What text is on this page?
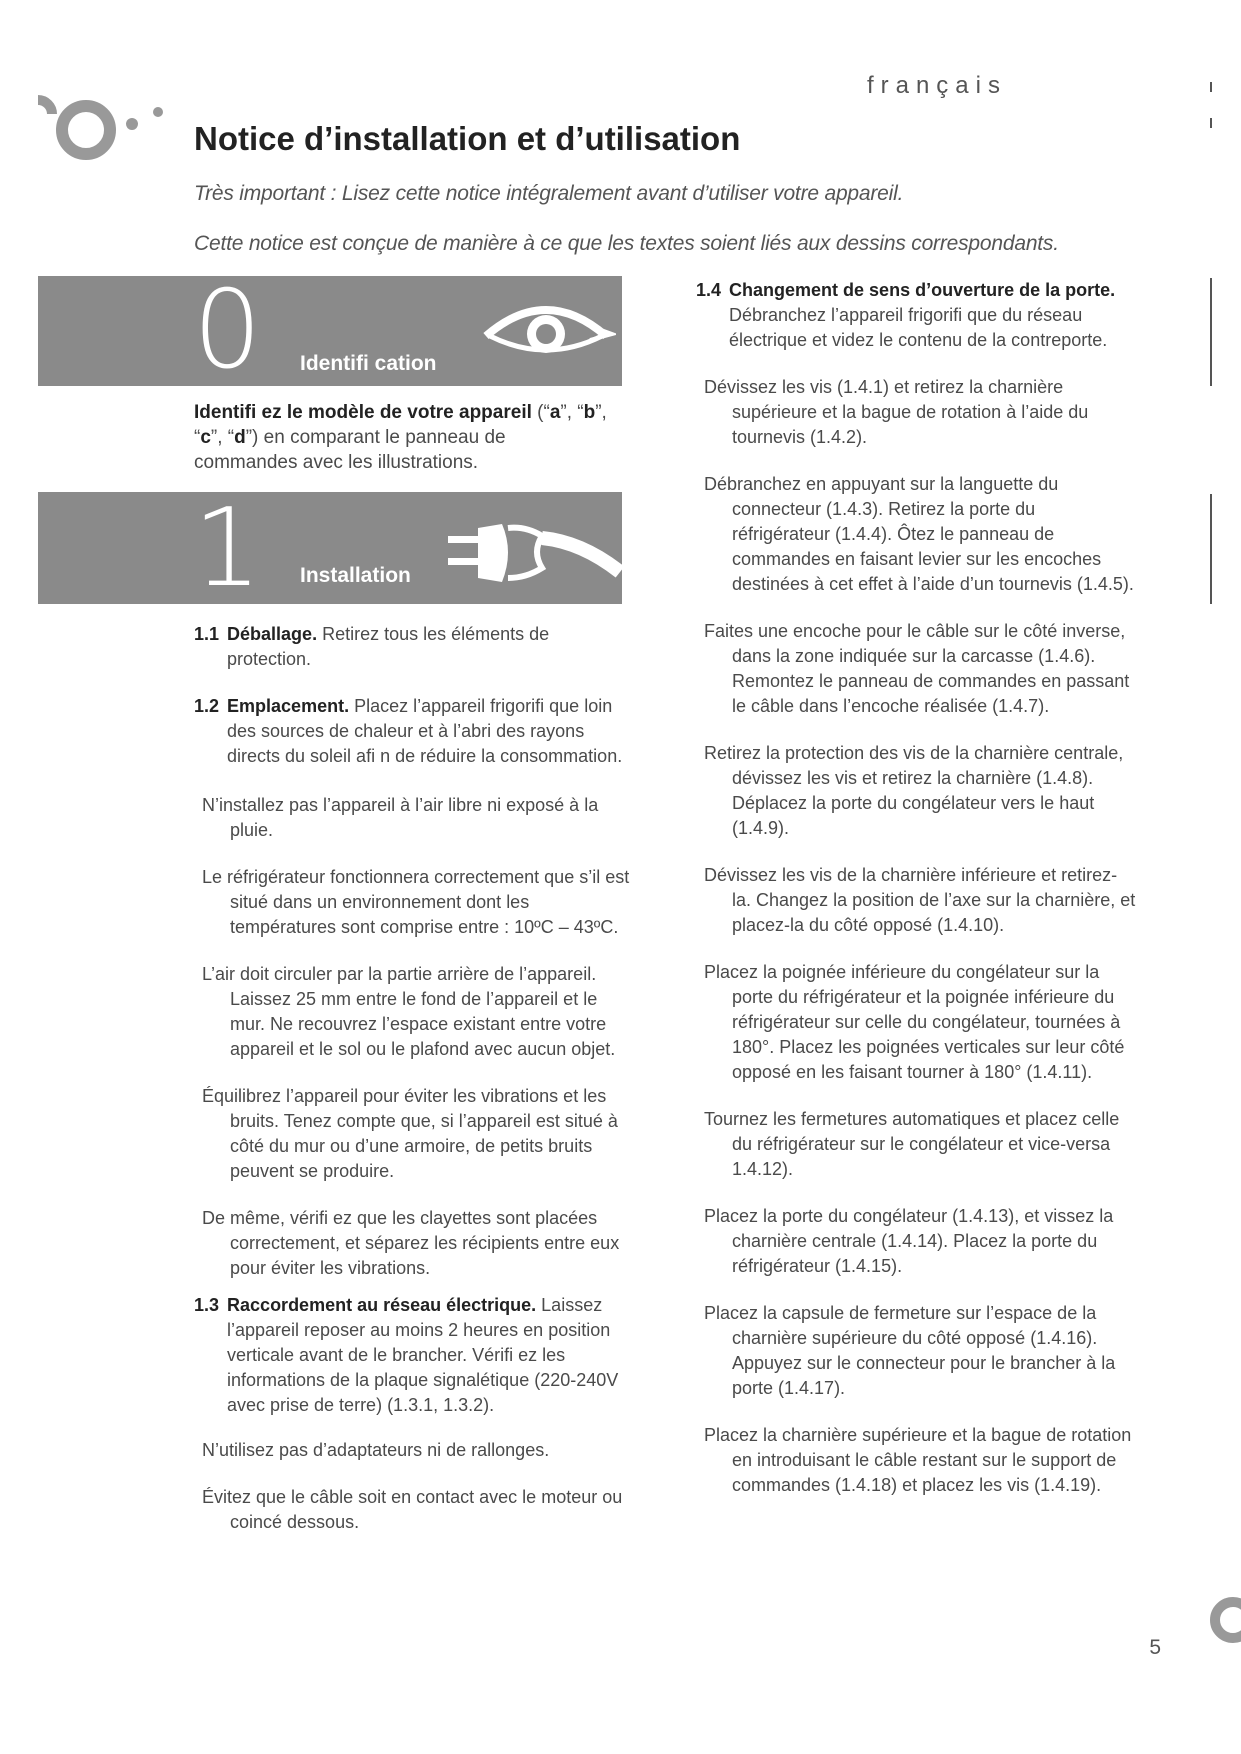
français
Notice d’installation et d’utilisation

Très important : Lisez cette notice intégralement avant d’utiliser votre appareil.

Cette notice est conçue de manière à ce que les textes soient liés aux dessins correspondants.

0 Identifi cation
Identifi ez le modèle de votre appareil (“a”, “b”, “c”, “d”) en comparant le panneau de commandes avec les illustrations.
1 Installation

1.1 Déballage. Retirez tous les éléments de protection.

1.2 Emplacement. Placez l’appareil frigorifi que loin des sources de chaleur et à l’abri des rayons directs du soleil afi n de réduire la consommation.

N’installez pas l’appareil à l’air libre ni exposé à la pluie.

Le réfrigérateur fonctionnera correctement que s’il est situé dans un environnement dont les températures sont comprise entre : 10ºC – 43ºC.

L’air doit circuler par la partie arrière de l’appareil. Laissez 25 mm entre le fond de l’appareil et le mur. Ne recouvrez l’espace existant entre votre appareil et le sol ou le plafond avec aucun objet.

Équilibrez l’appareil pour éviter les vibrations et les bruits. Tenez compte que, si l’appareil est situé à côté du mur ou d’une armoire, de petits bruits peuvent se produire.

De même, vérifi ez que les clayettes sont placées correctement, et séparez les récipients entre eux pour éviter les vibrations.

1.3 Raccordement au réseau électrique. Laissez l’appareil reposer au moins 2 heures en position verticale avant de le brancher. Vérifi ez les informations de la plaque signalétique (220-240V avec prise de terre) (1.3.1, 1.3.2).

N’utilisez pas d’adaptateurs ni de rallonges.

Évitez que le câble soit en contact avec le moteur ou coincé dessous.

1.4 Changement de sens d’ouverture de la porte. Débranchez l’appareil frigorifi que du réseau électrique et videz le contenu de la contreporte.

Dévissez les vis (1.4.1) et retirez la charnière supérieure et la bague de rotation à l’aide du tournevis (1.4.2).

Débranchez en appuyant sur la languette du connecteur (1.4.3). Retirez la porte du réfrigérateur (1.4.4). Ôtez le panneau de commandes en faisant levier sur les encoches destinées à cet effet à l’aide d’un tournevis (1.4.5).

Faites une encoche pour le câble sur le côté inverse, dans la zone indiquée sur la carcasse (1.4.6). Remontez le panneau de commandes en passant le câble dans l’encoche réalisée (1.4.7).

Retirez la protection des vis de la charnière centrale, dévissez les vis et retirez la charnière (1.4.8). Déplacez la porte du congélateur vers le haut (1.4.9).

Dévissez les vis de la charnière inférieure et retirez-la. Changez la position de l’axe sur la charnière, et placez-la du côté opposé (1.4.10).

Placez la poignée inférieure du congélateur sur la porte du réfrigérateur et la poignée inférieure du réfrigérateur sur celle du congélateur, tournées à 180°. Placez les poignées verticales sur leur côté opposé en les faisant tourner à 180° (1.4.11).

Tournez les fermetures automatiques et placez celle du réfrigérateur sur le congélateur et vice-versa 1.4.12).

Placez la porte du congélateur (1.4.13), et vissez la charnière centrale (1.4.14). Placez la porte du réfrigérateur (1.4.15).

Placez la capsule de fermeture sur l’espace de la charnière supérieure du côté opposé (1.4.16). Appuyez sur le connecteur pour le brancher à la porte (1.4.17).

Placez la charnière supérieure et la bague de rotation en introduisant le câble restant sur le support de commandes (1.4.18) et placez les vis (1.4.19).

5
